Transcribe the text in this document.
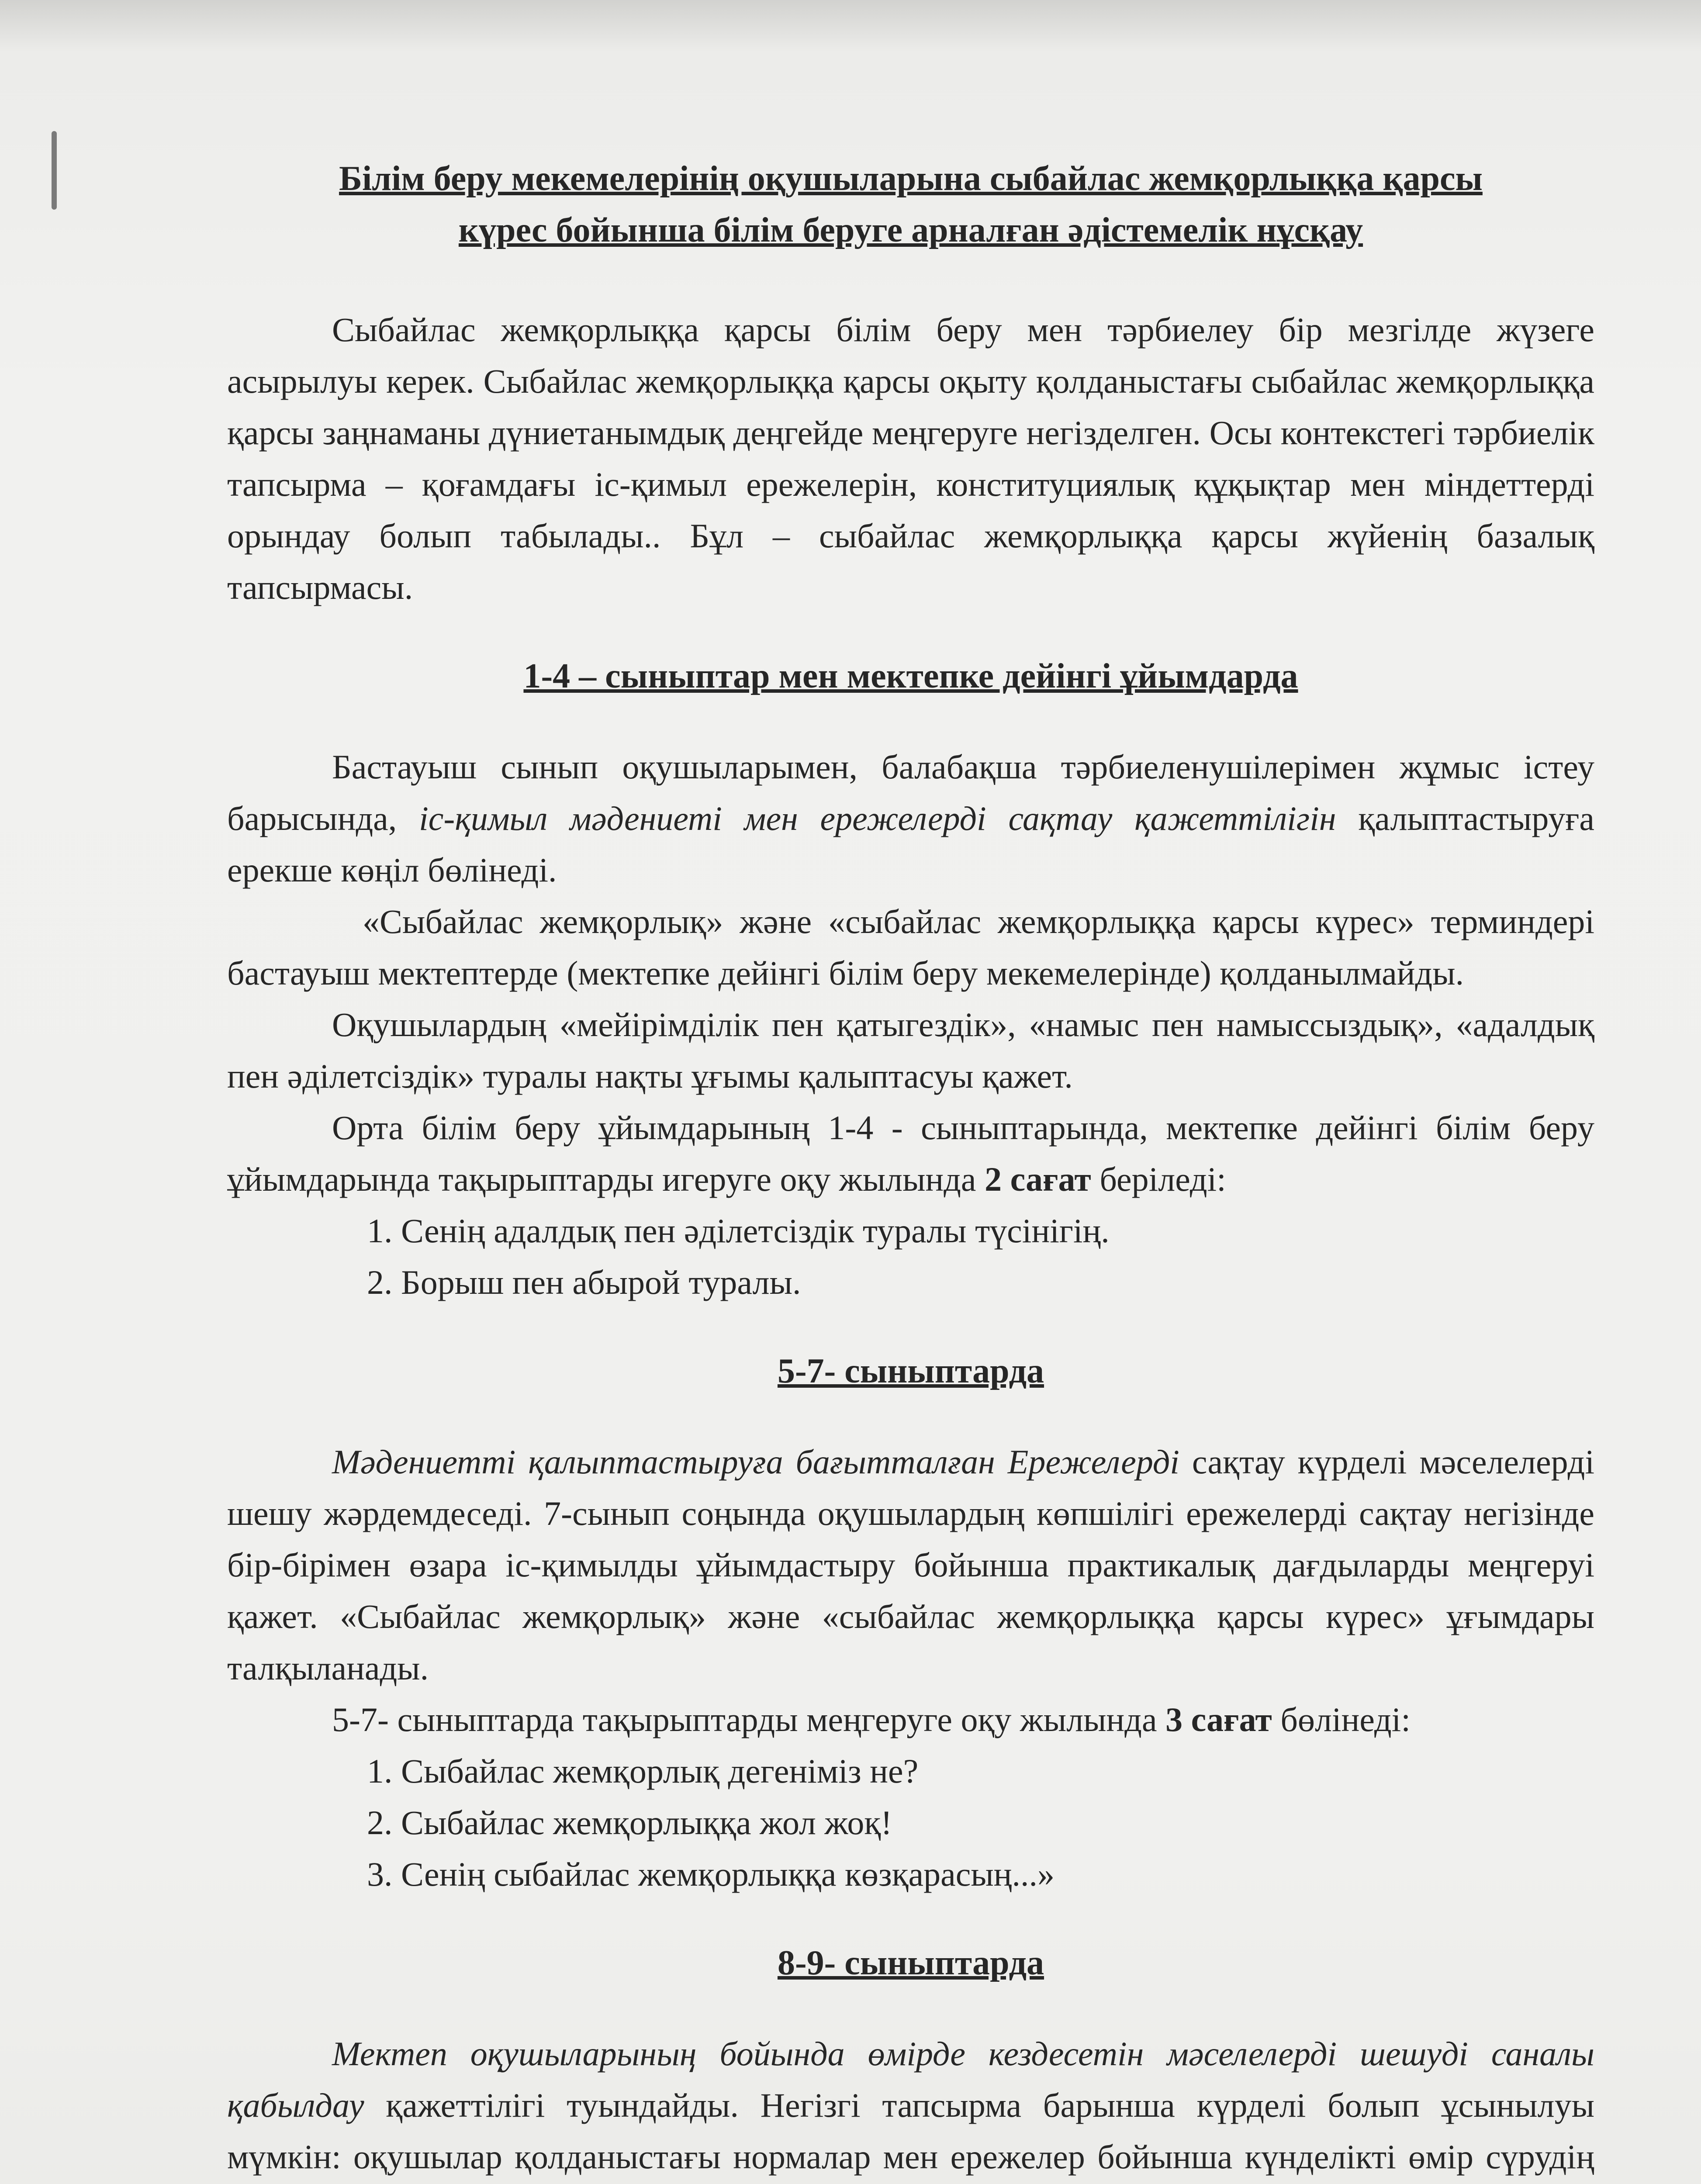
Білім беру мекемелерінің оқушыларына сыбайлас жемқорлыққа қарсы
күрес бойынша білім беруге арналған әдістемелік нұсқау

Сыбайлас жемқорлыққа қарсы білім беру мен тәрбиелеу бір мезгілде жүзеге асырылуы керек. Сыбайлас жемқорлыққа қарсы оқыту қолданыстағы сыбайлас жемқорлыққа қарсы заңнаманы дүниетанымдық деңгейде меңгеруге негізделген. Осы контекстегі тәрбиелік тапсырма – қоғамдағы іс-қимыл ережелерін, конституциялық құқықтар мен міндеттерді орындау болып табылады.. Бұл – сыбайлас жемқорлыққа қарсы жүйенің базалық тапсырмасы.

1-4 – сыныптар мен мектепке дейінгі ұйымдарда

Бастауыш сынып оқушыларымен, балабақша тәрбиеленушілерімен жұмыс істеу барысында, іс-қимыл мәдениеті мен ережелерді сақтау қажеттілігін қалыптастыруға ерекше көңіл бөлінеді.

«Сыбайлас жемқорлық» және «сыбайлас жемқорлыққа қарсы күрес» терминдері бастауыш мектептерде (мектепке дейінгі білім беру мекемелерінде) қолданылмайды.

Оқушылардың «мейірімділік пен қатыгездік», «намыс пен намыссыздық», «адалдық пен әділетсіздік» туралы нақты ұғымы қалыптасуы қажет.

Орта білім беру ұйымдарының 1-4 - сыныптарында, мектепке дейінгі білім беру ұйымдарында тақырыптарды игеруге оқу жылында 2 сағат беріледі:

1. Сенің адалдық пен әділетсіздік туралы түсінігің.
2. Борыш пен абырой туралы.
5-7- сыныптарда

Мәдениетті қалыптастыруға бағытталған Ережелерді сақтау күрделі мәселелерді шешу жәрдемдеседі. 7-сынып соңында оқушылардың көпшілігі ережелерді сақтау негізінде бір-бірімен өзара іс-қимылды ұйымдастыру бойынша практикалық дағдыларды меңгеруі қажет. «Сыбайлас жемқорлық» және «сыбайлас жемқорлыққа қарсы күрес» ұғымдары талқыланады.

5-7- сыныптарда тақырыптарды меңгеруге оқу жылында 3 сағат бөлінеді:

1. Сыбайлас жемқорлық дегеніміз не?
2. Сыбайлас жемқорлыққа жол жоқ!
3. Сенің сыбайлас жемқорлыққа көзқарасың...»
8-9- сыныптарда

Мектеп оқушыларының бойында өмірде кездесетін мәселелерді шешуді саналы қабылдау қажеттілігі туындайды. Негізгі тапсырма барынша күрделі болып ұсынылуы мүмкін: оқушылар қолданыстағы нормалар мен ережелер бойынша күнделікті өмір сүрудің
